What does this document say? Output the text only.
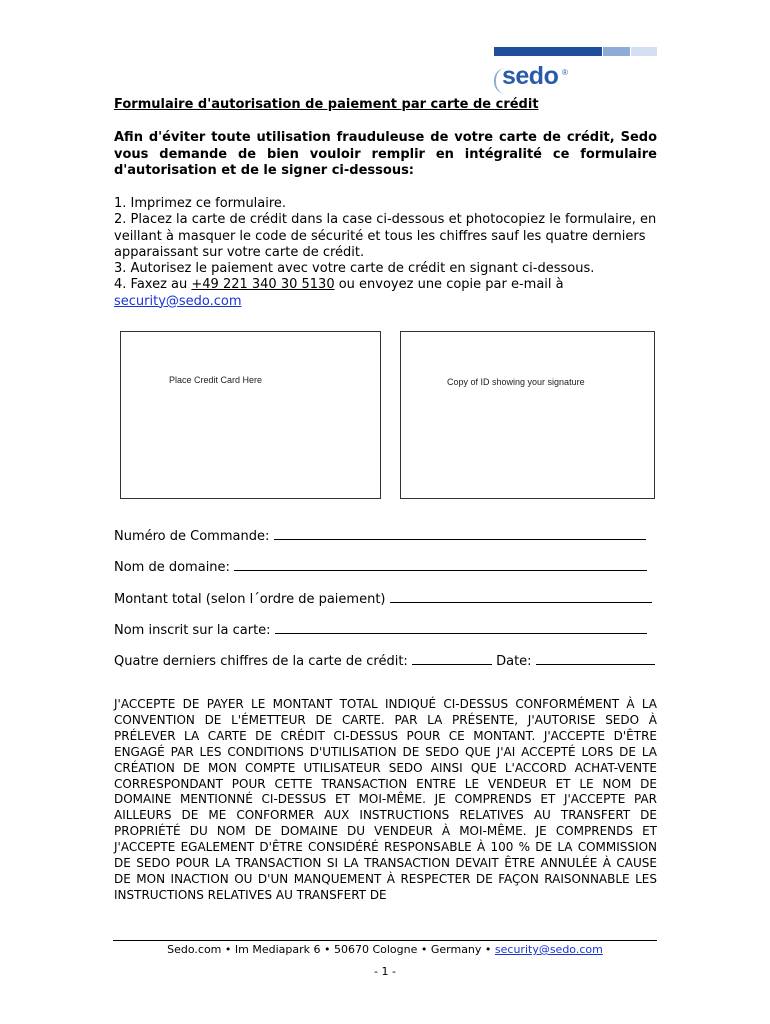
sedo ®
Formulaire d'autorisation de paiement par carte de crédit
Afin d'éviter toute utilisation frauduleuse de votre carte de crédit, Sedo vous demande de bien vouloir remplir en intégralité ce formulaire d'autorisation et de le signer ci-dessous:

1. Imprimez ce formulaire.

2. Placez la carte de crédit dans la case ci-dessous et photocopiez le formulaire, en veillant à masquer le code de sécurité et tous les chiffres sauf les quatre derniers apparaissant sur votre carte de crédit.

3. Autorisez le paiement avec votre carte de crédit en signant ci-dessous.

4. Faxez au +49 221 340 30 5130 ou envoyez une copie par e-mail à
security@sedo.com

Place Credit Card Here	Copy of ID showing your signature
Numéro de Commande:
Nom de domaine:
Montant total (selon l´ordre de paiement)
Nom inscrit sur la carte:
Quatre derniers chiffres de la carte de crédit:	Date:
J'ACCEPTE DE PAYER LE MONTANT TOTAL INDIQUÉ CI-DESSUS CONFORMÉMENT À LA CONVENTION DE L'ÉMETTEUR DE CARTE. PAR LA PRÉSENTE, J'AUTORISE SEDO À PRÉLEVER LA CARTE DE CRÉDIT CI-DESSUS POUR CE MONTANT. J'ACCEPTE D'ÊTRE ENGAGÉ PAR LES CONDITIONS D'UTILISATION DE SEDO QUE J'AI ACCEPTÉ LORS DE LA CRÉATION DE MON COMPTE UTILISATEUR SEDO AINSI QUE L'ACCORD ACHAT-VENTE CORRESPONDANT POUR CETTE TRANSACTION ENTRE LE VENDEUR ET LE NOM DE DOMAINE MENTIONNÉ CI-DESSUS ET MOI-MÊME. JE COMPRENDS ET J'ACCEPTE PAR AILLEURS DE ME CONFORMER AUX INSTRUCTIONS RELATIVES AU TRANSFERT DE PROPRIÉTÉ DU NOM DE DOMAINE DU VENDEUR À MOI-MÊME. JE COMPRENDS ET J'ACCEPTE EGALEMENT D'ÊTRE CONSIDÉRÉ RESPONSABLE À 100 % DE LA COMMISSION DE SEDO POUR LA TRANSACTION SI LA TRANSACTION DEVAIT ÊTRE ANNULÉE À CAUSE DE MON INACTION OU D'UN MANQUEMENT À RESPECTER DE FAÇON RAISONNABLE LES INSTRUCTIONS RELATIVES AU TRANSFERT DE
Sedo.com • Im Mediapark 6 • 50670 Cologne • Germany • security@sedo.com
- 1 -
